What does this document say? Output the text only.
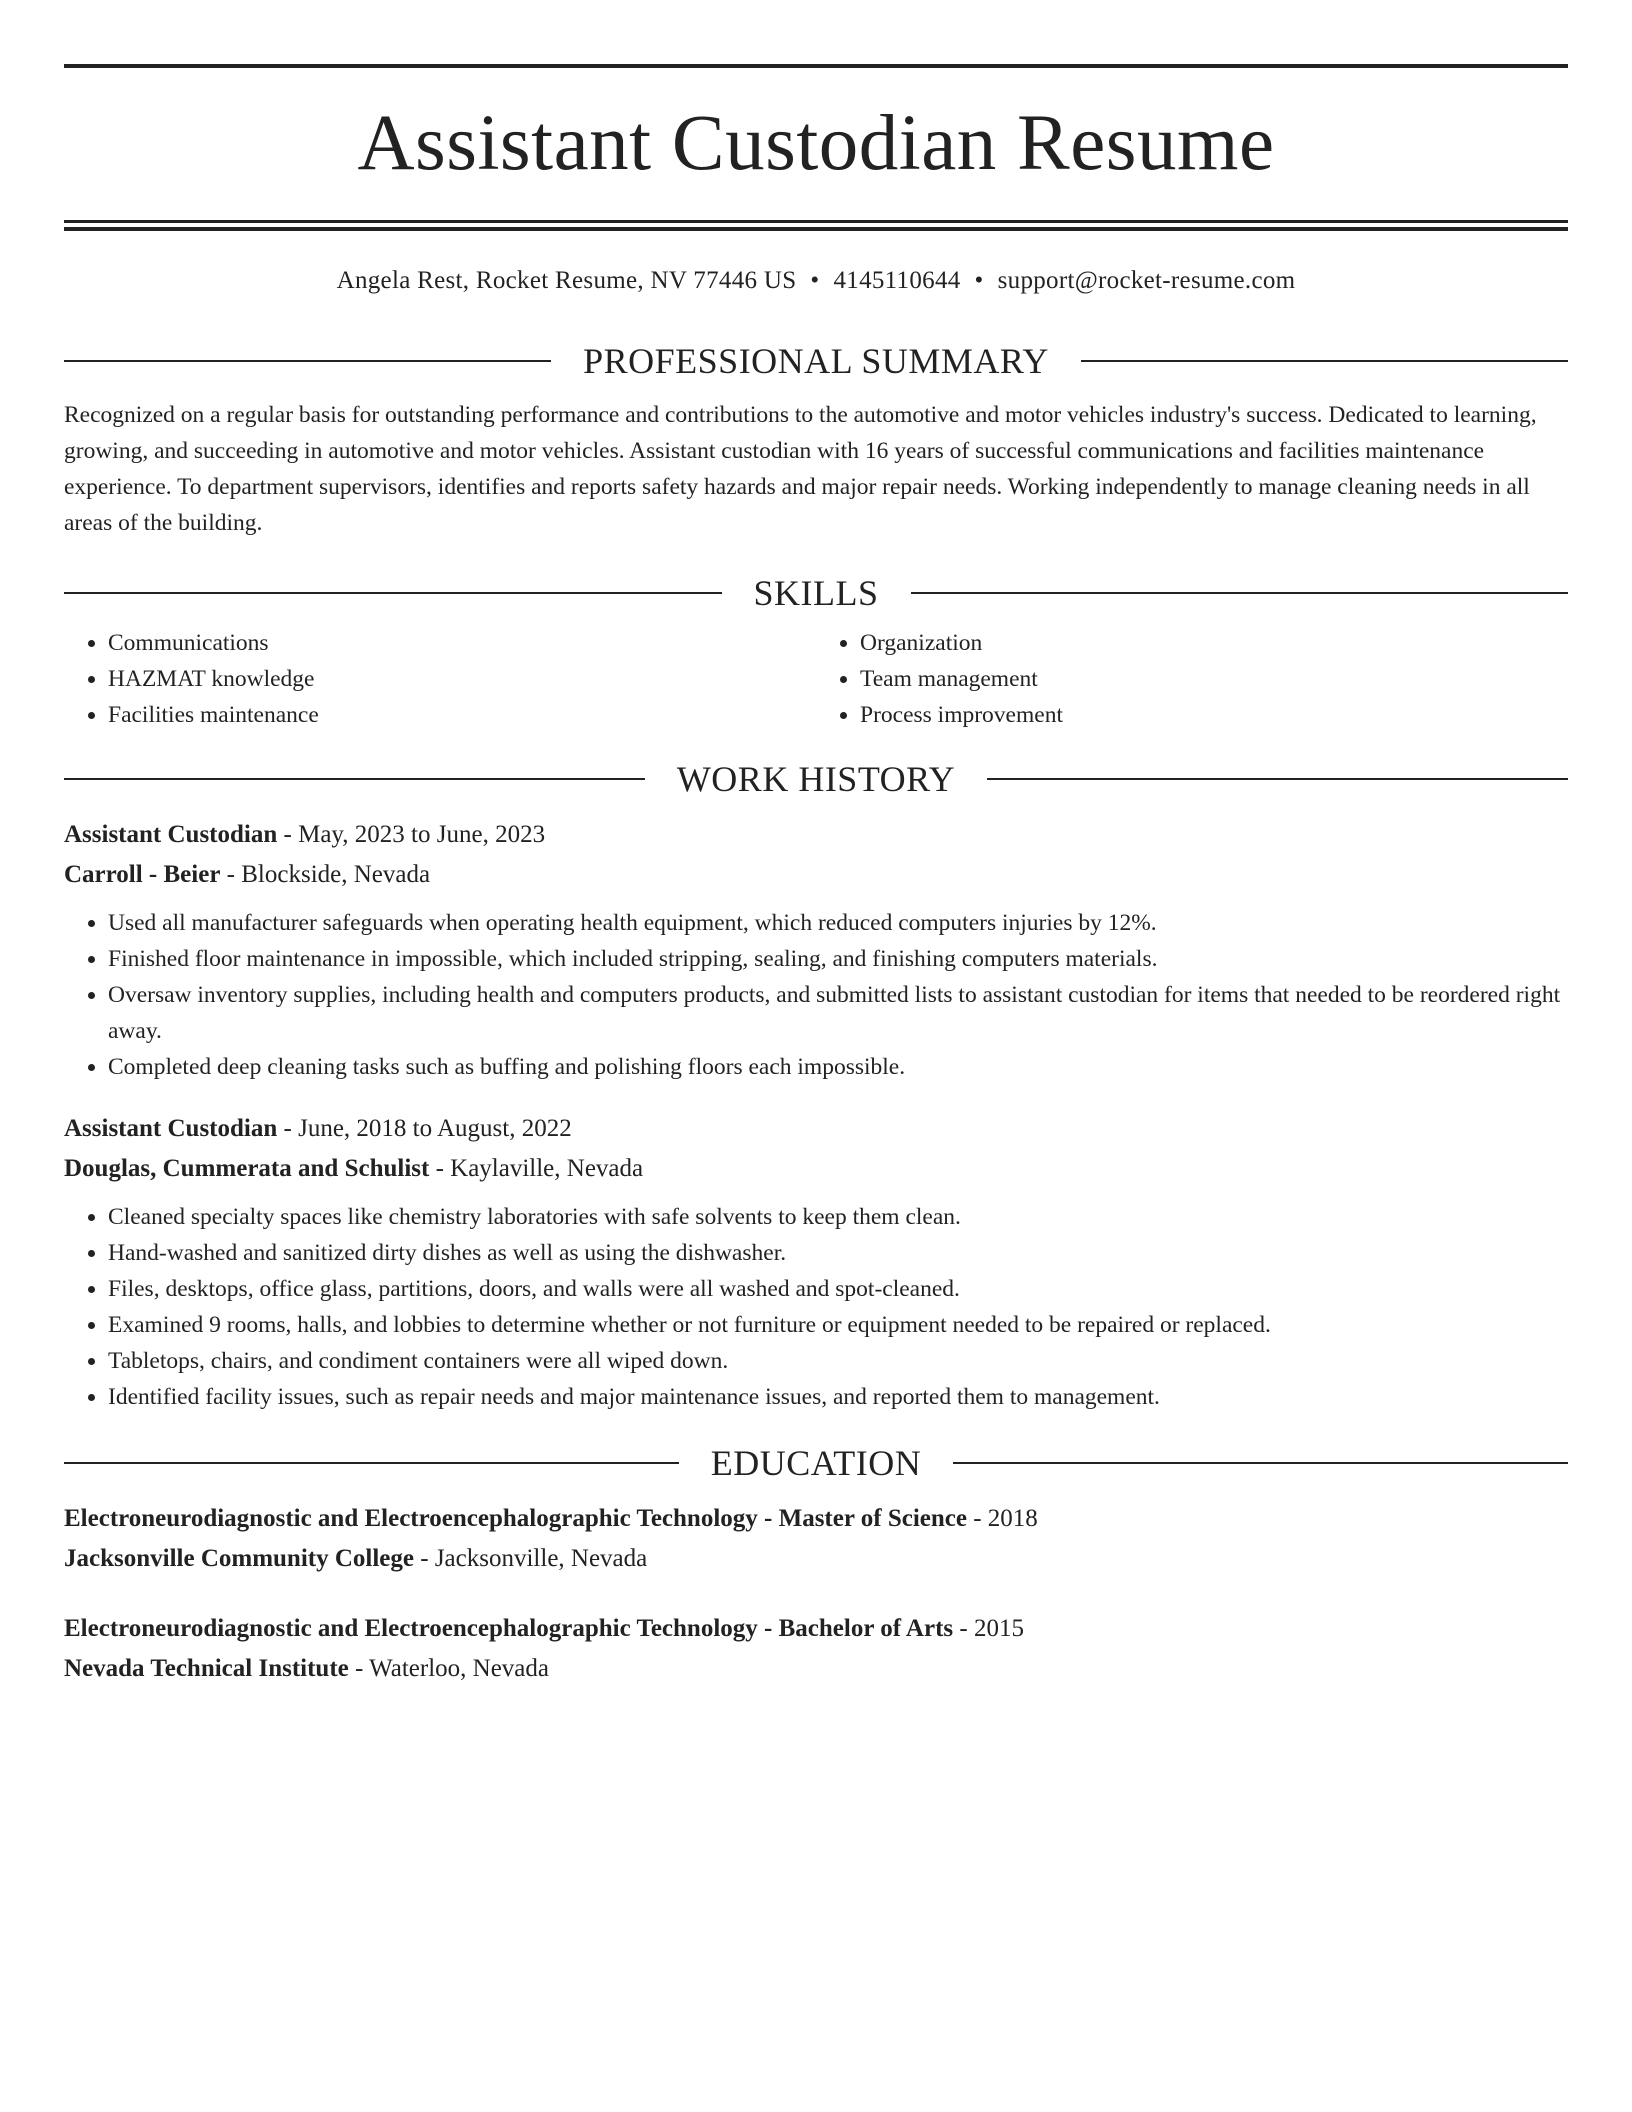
Assistant Custodian Resume
Angela Rest, Rocket Resume, NV 77446 US • 4145110644 • support@rocket-resume.com
PROFESSIONAL SUMMARY
Recognized on a regular basis for outstanding performance and contributions to the automotive and motor vehicles industry's success. Dedicated to learning, growing, and succeeding in automotive and motor vehicles. Assistant custodian with 16 years of successful communications and facilities maintenance experience. To department supervisors, identifies and reports safety hazards and major repair needs. Working independently to manage cleaning needs in all areas of the building.
SKILLS
• Communications
• HAZMAT knowledge
• Facilities maintenance
• Organization
• Team management
• Process improvement
WORK HISTORY
Assistant Custodian - May, 2023 to June, 2023
Carroll - Beier - Blockside, Nevada
• Used all manufacturer safeguards when operating health equipment, which reduced computers injuries by 12%.
• Finished floor maintenance in impossible, which included stripping, sealing, and finishing computers materials.
• Oversaw inventory supplies, including health and computers products, and submitted lists to assistant custodian for items that needed to be reordered right away.
• Completed deep cleaning tasks such as buffing and polishing floors each impossible.
Assistant Custodian - June, 2018 to August, 2022
Douglas, Cummerata and Schulist - Kaylaville, Nevada
• Cleaned specialty spaces like chemistry laboratories with safe solvents to keep them clean.
• Hand-washed and sanitized dirty dishes as well as using the dishwasher.
• Files, desktops, office glass, partitions, doors, and walls were all washed and spot-cleaned.
• Examined 9 rooms, halls, and lobbies to determine whether or not furniture or equipment needed to be repaired or replaced.
• Tabletops, chairs, and condiment containers were all wiped down.
• Identified facility issues, such as repair needs and major maintenance issues, and reported them to management.
EDUCATION
Electroneurodiagnostic and Electroencephalographic Technology - Master of Science - 2018
Jacksonville Community College - Jacksonville, Nevada
Electroneurodiagnostic and Electroencephalographic Technology - Bachelor of Arts - 2015
Nevada Technical Institute - Waterloo, Nevada
